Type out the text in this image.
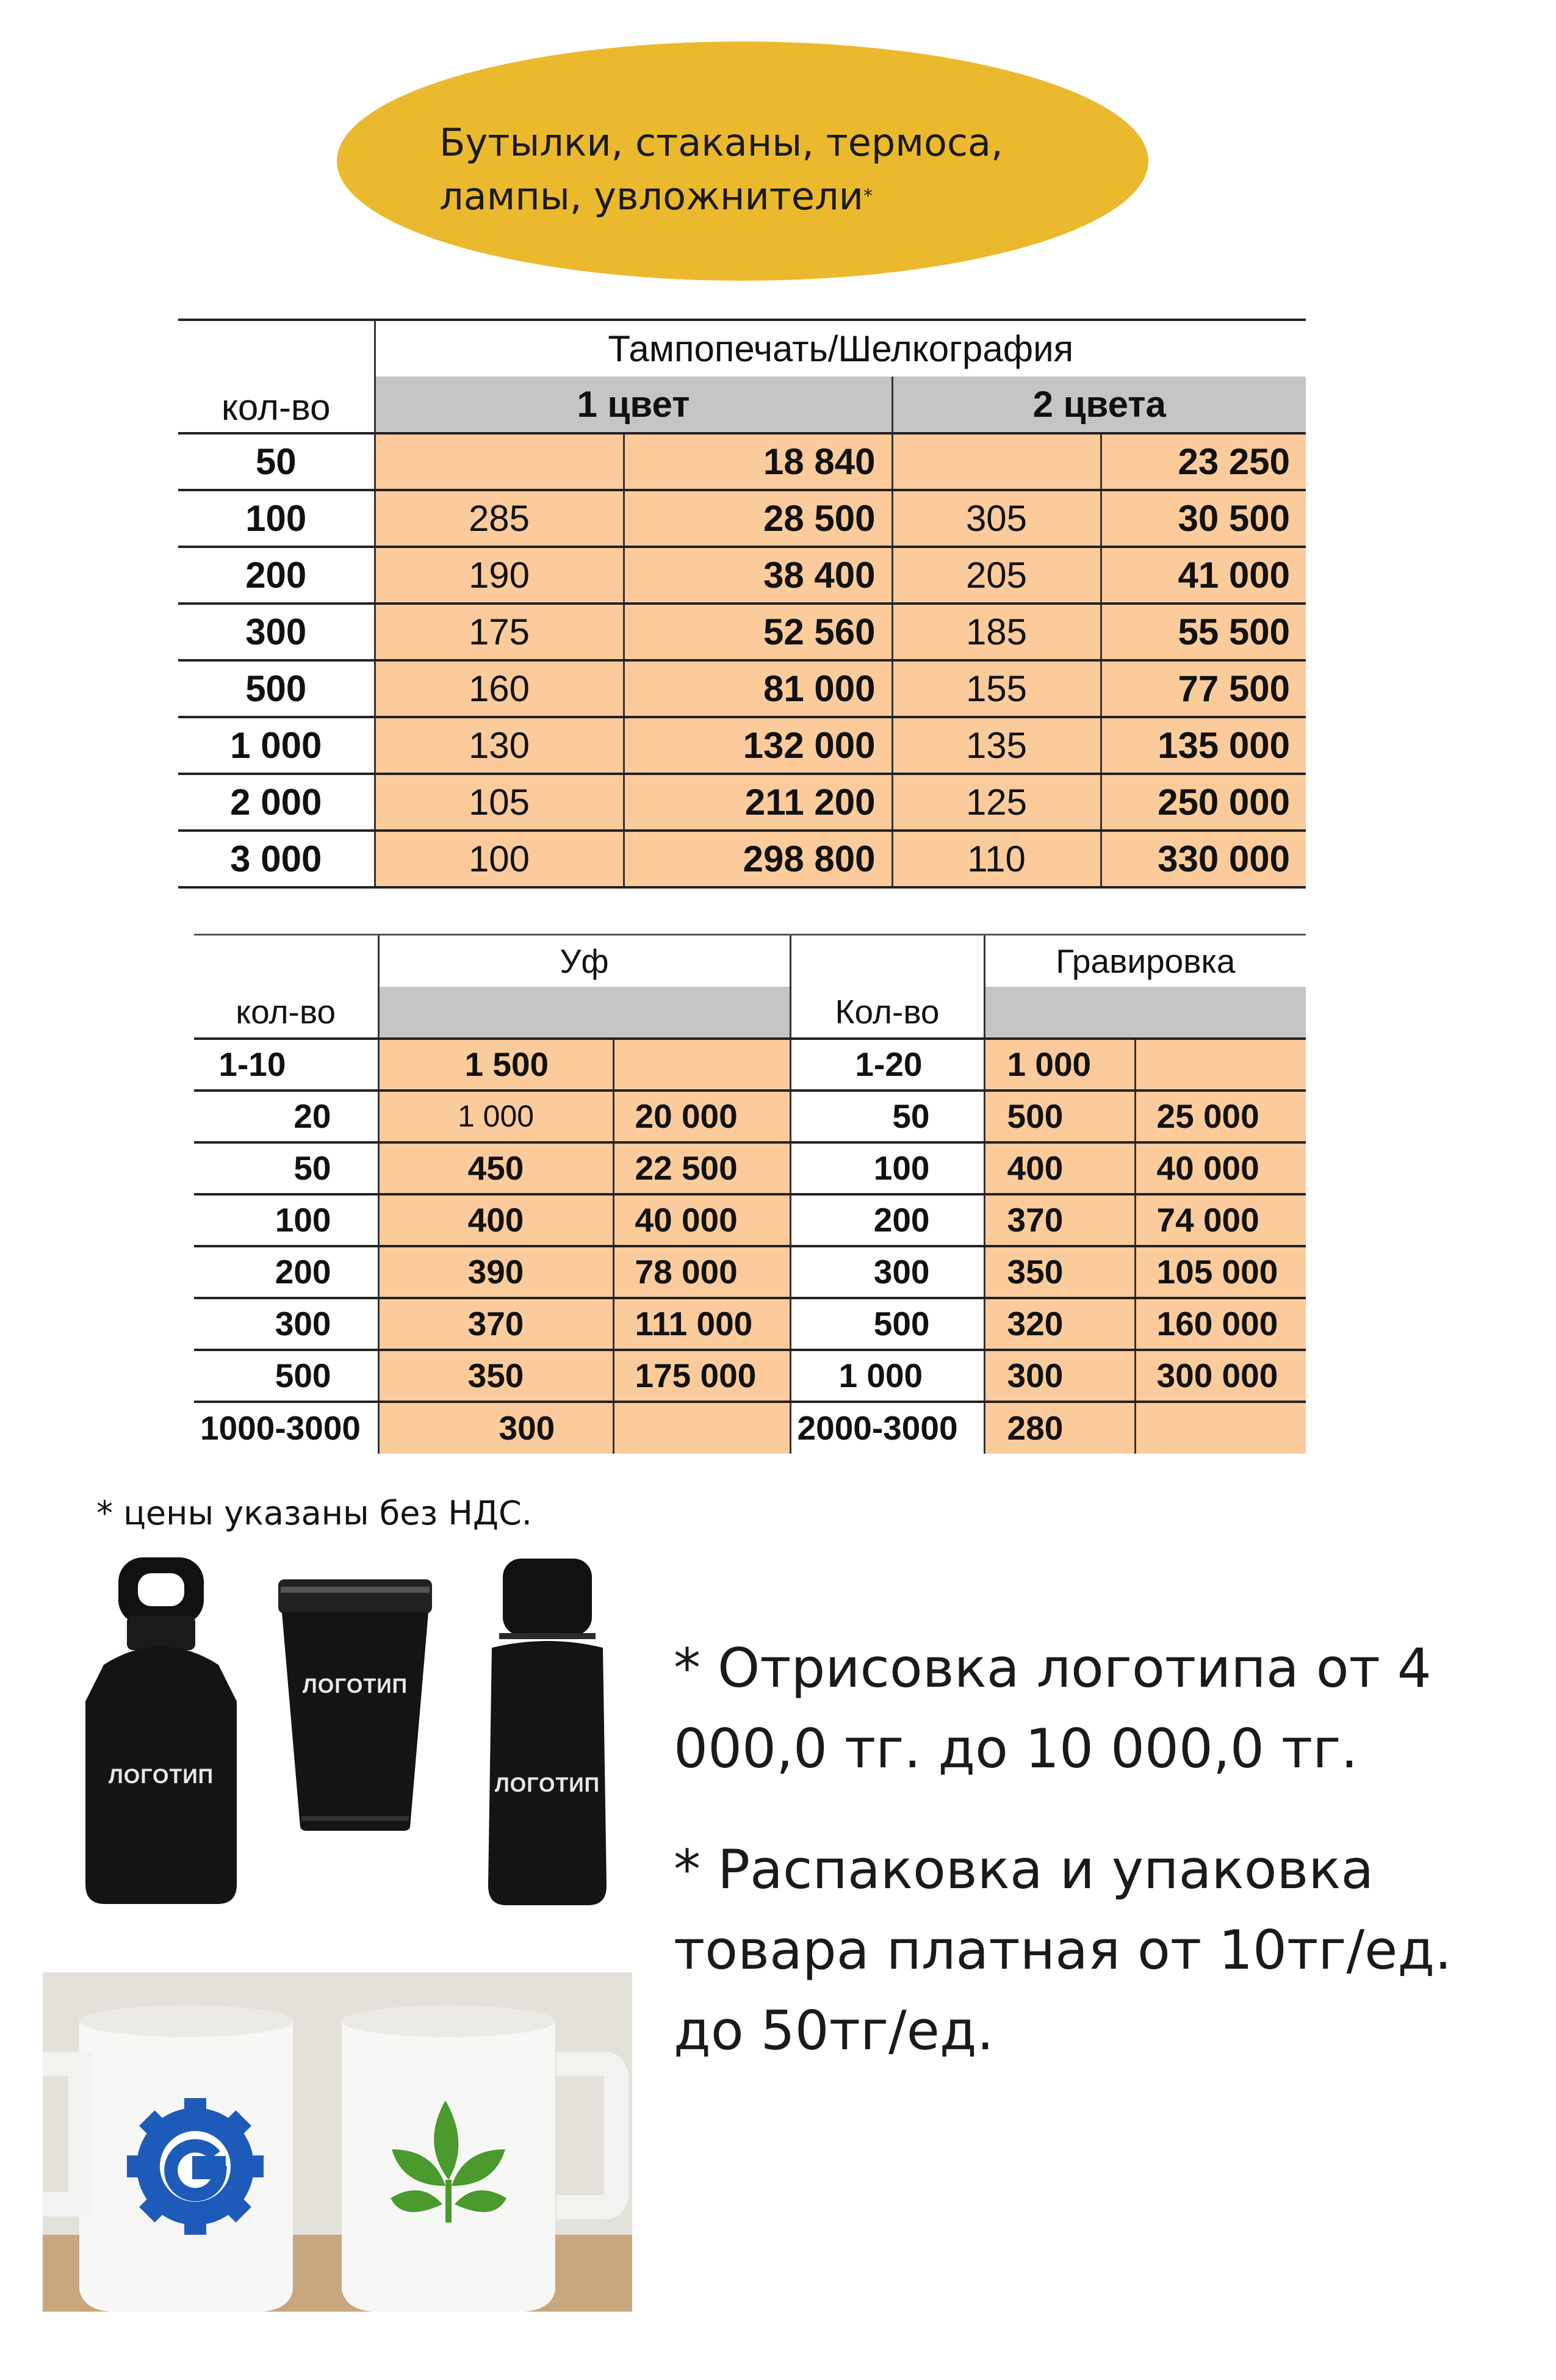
Бутылки, стаканы, термоса, лампы, увложнители*
	Тампопечать/Шелкография			
кол-во	1 цвет		2 цвета	
50		18 840		23 250
100	285	28 500	305	30 500
200	190	38 400	205	41 000
300	175	52 560	185	55 500
500	160	81 000	155	77 500
1 000	130	132 000	135	135 000
2 000	105	211 200	125	250 000
3 000	100	298 800	110	330 000
	Уф			Гравировка	
кол-во			Кол-во		
1-10	1 500		1-20	1 000	
20	1 000	20 000	50	500	25 000
50	450	22 500	100	400	40 000
100	400	40 000	200	370	74 000
200	390	78 000	300	350	105 000
300	370	111 000	500	320	160 000
500	350	175 000	1 000	300	300 000
1000-3000	300		2000-3000	280	
* цены указаны без НДС.
ЛОГОТИП
ЛОГОТИП
ЛОГОТИП
* Отрисовка логотипа от 4 000,0 тг. до 10 000,0 тг.
* Распаковка и упаковка товара платная от 10тг/ед. до 50тг/ед.
